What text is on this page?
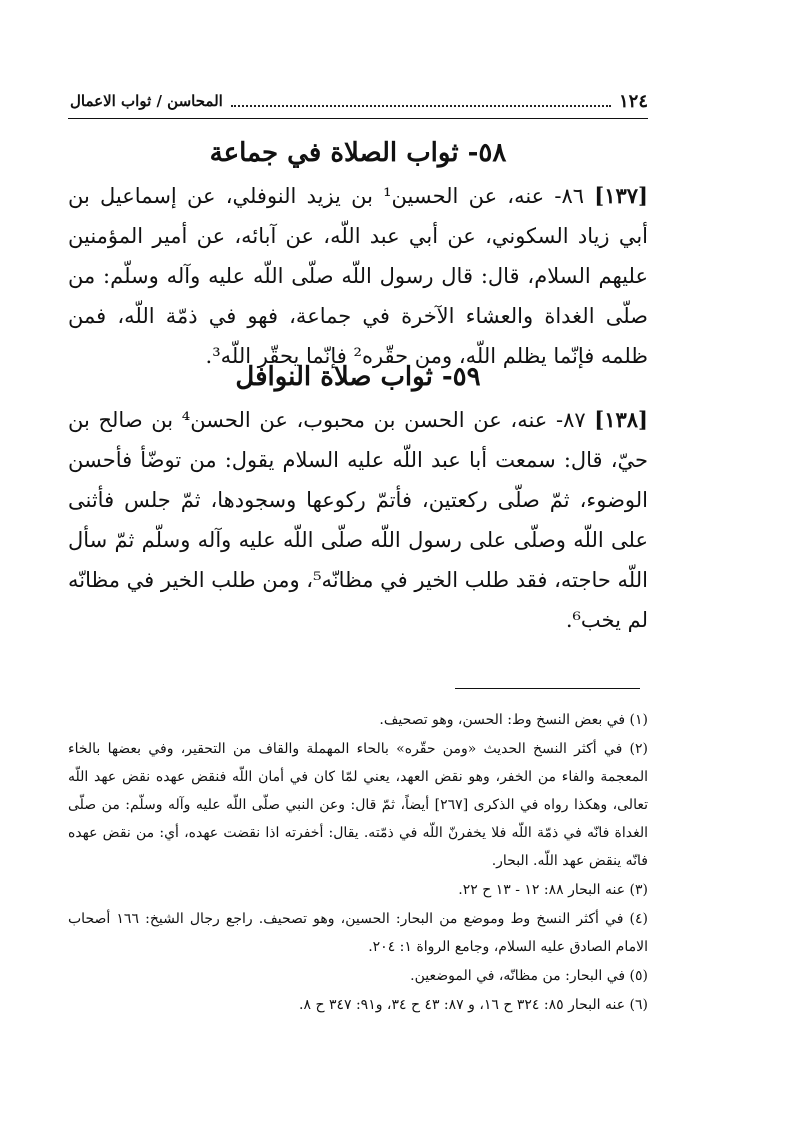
١٢٤
المحاسن / ثواب الاعمال
٥٨- ثواب الصلاة في جماعة
[١٣٧] ٨٦- عنه، عن الحسين¹ بن يزيد النوفلي، عن إسماعيل بن أبي زياد السكوني، عن أبي عبد اللّه، عن آبائه، عن أمير المؤمنين عليهم السلام، قال: قال رسول اللّه صلّى اللّه عليه وآله وسلّم: من صلّى الغداة والعشاء الآخرة في جماعة، فهو في ذمّة اللّه، فمن ظلمه فإنّما يظلم اللّه، ومن حقّره² فإنّما يحقّر اللّه³.
٥٩- ثواب صلاة النوافل
[١٣٨] ٨٧- عنه، عن الحسن بن محبوب، عن الحسن⁴ بن صالح بن حيّ، قال: سمعت أبا عبد اللّه عليه السلام يقول: من توضّأ فأحسن الوضوء، ثمّ صلّى ركعتين، فأتمّ ركوعها وسجودها، ثمّ جلس فأثنى على اللّه وصلّى على رسول اللّه صلّى اللّه عليه وآله وسلّم ثمّ سأل اللّه حاجته، فقد طلب الخير في مظانّه⁵، ومن طلب الخير في مظانّه لم يخب⁶.

(١) في بعض النسخ وط: الحسن، وهو تصحيف.

(٢) في أكثر النسخ الحديث «ومن حقّره» بالحاء المهملة والقاف من التحقير، وفي بعضها بالخاء المعجمة والفاء من الخفر، وهو نقض العهد، يعني لمّا كان في أمان اللّه فنقض عهده نقض عهد اللّه تعالى، وهكذا رواه في الذكرى [٢٦٧] أيضاً، ثمّ قال: وعن النبي صلّى اللّه عليه وآله وسلّم: من صلّى الغداة فانّه في ذمّة اللّه فلا يخفرنّ اللّه في ذمّته. يقال: أخفرته اذا نقضت عهده، أي: من نقض عهده فانّه ينقض عهد اللّه. البحار.

(٣) عنه البحار ٨٨: ١٢ - ١٣ ح ٢٢.

(٤) في أكثر النسخ وط وموضع من البحار: الحسين، وهو تصحيف. راجع رجال الشيخ: ١٦٦ أصحاب الامام الصادق عليه السلام، وجامع الرواة ١: ٢٠٤.

(٥) في البحار: من مظانّه، في الموضعين.

(٦) عنه البحار ٨٥: ٣٢٤ ح ١٦، و ٨٧: ٤٣ ح ٣٤، و٩١: ٣٤٧ ح ٨.
